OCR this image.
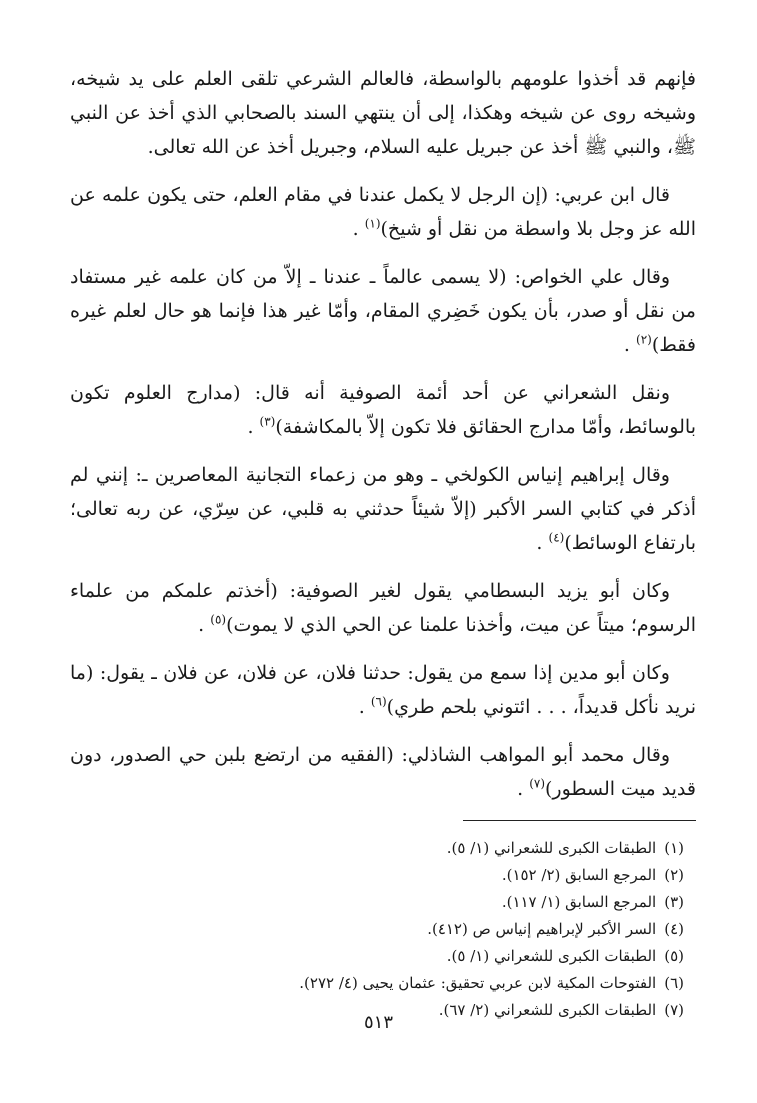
فإنهم قد أخذوا علومهم بالواسطة، فالعالم الشرعي تلقى العلم على يد شيخه، وشيخه روى عن شيخه وهكذا، إلى أن ينتهي السند بالصحابي الذي أخذ عن النبي ﷺ، والنبي ﷺ أخذ عن جبريل عليه السلام، وجبريل أخذ عن الله تعالى.

قال ابن عربي: (إن الرجل لا يكمل عندنا في مقام العلم، حتى يكون علمه عن الله عز وجل بلا واسطة من نقل أو شيخ)$^{(١)}$ .

وقال علي الخواص: (لا يسمى عالماً ـ عندنا ـ إلاّ من كان علمه غير مستفاد من نقل أو صدر، بأن يكون خَضِري المقام، وأمّا غير هذا فإنما هو حال لعلم غيره فقط)$^{(٢)}$ .

ونقل الشعراني عن أحد أئمة الصوفية أنه قال: (مدارج العلوم تكون بالوسائط، وأمّا مدارج الحقائق فلا تكون إلاّ بالمكاشفة)$^{(٣)}$ .

وقال إبراهيم إنياس الكولخي ـ وهو من زعماء التجانية المعاصرين ـ: إنني لم أذكر في كتابي السر الأكبر (إلاّ شيئاً حدثني به قلبي، عن سِرّي، عن ربه تعالى؛ بارتفاع الوسائط)$^{(٤)}$ .

وكان أبو يزيد البسطامي يقول لغير الصوفية: (أخذتم علمكم من علماء الرسوم؛ ميتاً عن ميت، وأخذنا علمنا عن الحي الذي لا يموت)$^{(٥)}$ .

وكان أبو مدين إذا سمع من يقول: حدثنا فلان، عن فلان، عن فلان ـ يقول: (ما نريد نأكل قديداً، . . . ائتوني بلحم طري)$^{(٦)}$ .

وقال محمد أبو المواهب الشاذلي: (الفقيه من ارتضع بلبن حي الصدور، دون قديد ميت السطور)$^{(٧)}$ .

(١)الطبقات الكبرى للشعراني (١/ ٥).
(٢)المرجع السابق (٢/ ١٥٢).
(٣)المرجع السابق (١/ ١١٧).
(٤)السر الأكبر لإبراهيم إنياس ص (٤١٢).
(٥)الطبقات الكبرى للشعراني (١/ ٥).
(٦)الفتوحات المكية لابن عربي تحقيق: عثمان يحيى (٤/ ٢٧٢).
(٧)الطبقات الكبرى للشعراني (٢/ ٦٧).
٥١٣
